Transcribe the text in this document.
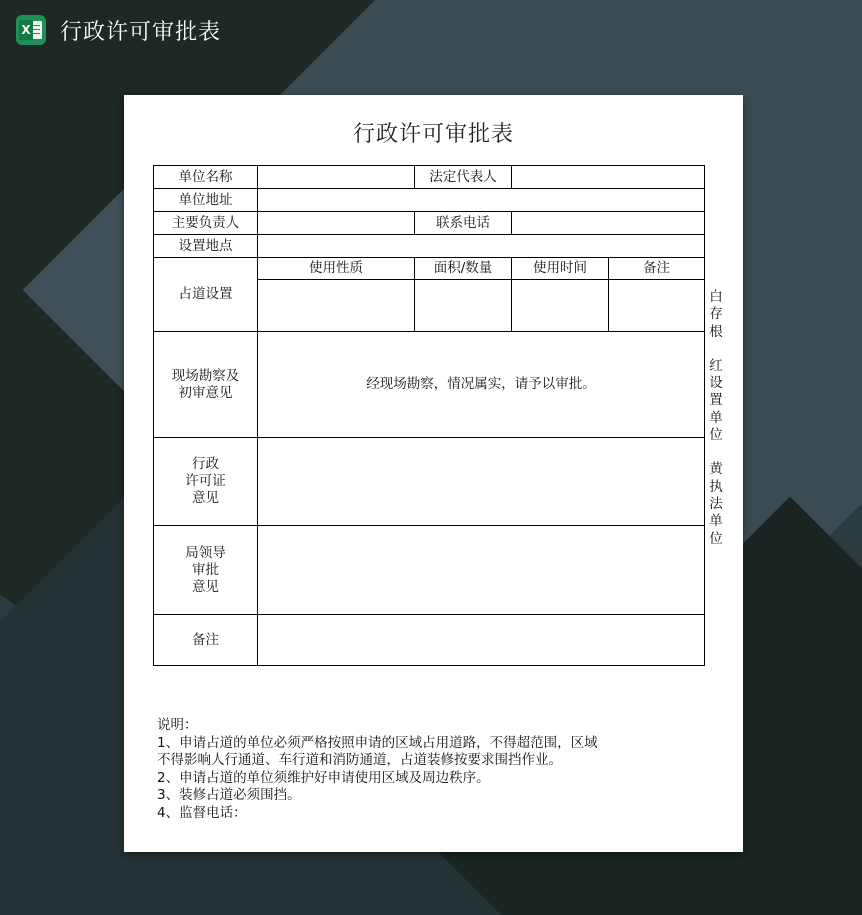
X 行政许可审批表
行政许可审批表
单位名称		法定代表人		
单位地址				
主要负责人		联系电话		
设置地点				
占道设置	使用性质	面积/数量	使用时间	备注

现场勘察及
初审意见	经现场勘察，情况属实，请予以审批。			

行政
许可证
意见				

局领导
审批
意见				

备注				
白
存
根
红
设
置
单
位
黄
执
法
单
位
说明：
1、申请占道的单位必须严格按照申请的区域占用道路，不得超范围，区域
不得影响人行通道、车行道和消防通道，占道装修按要求围挡作业。
2、申请占道的单位须维护好申请使用区域及周边秩序。
3、装修占道必须围挡。
4、监督电话：
